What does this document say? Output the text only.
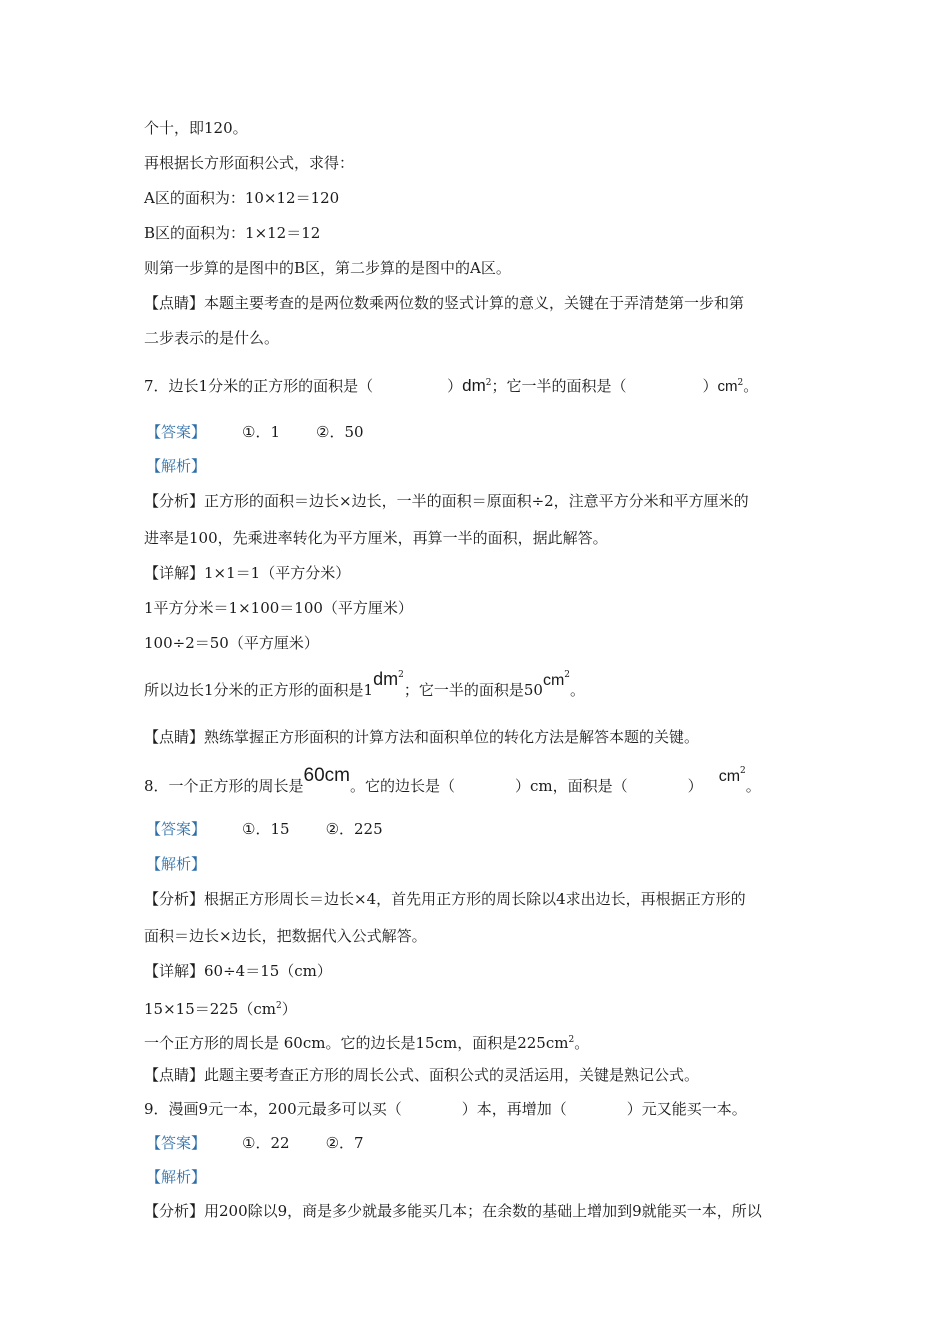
个十，即120。
再根据长方形面积公式，求得：
A区的面积为：10×12＝120
B区的面积为：1×12＝12
则第一步算的是图中的B区，第二步算的是图中的A区。
【点睛】本题主要考查的是两位数乘两位数的竖式计算的意义，关键在于弄清楚第一步和第
二步表示的是什么。
7．边长1分米的正方形的面积是（	）$dm^2$；它一半的面积是（	）$cm^2$。
【答案】 ①．1 ②．50
【解析】
【分析】正方形的面积＝边长×边长，一半的面积＝原面积÷2，注意平方分米和平方厘米的
进率是100，先乘进率转化为平方厘米，再算一半的面积，据此解答。
【详解】1×1＝1（平方分米）
1平方分米＝1×100＝100（平方厘米）
100÷2＝50（平方厘米）
所以边长1分米的正方形的面积是$1dm^2$；它一半的面积是$50cm^2$。
【点睛】熟练掌握正方形面积的计算方法和面积单位的转化方法是解答本题的关键。
8．一个正方形的周长是60cm。它的边长是（	）cm，面积是（	）$cm^2$。
【答案】 ①．15 ②．225
【解析】
【分析】根据正方形周长＝边长×4，首先用正方形的周长除以4求出边长，再根据正方形的
面积＝边长×边长，把数据代入公式解答。
【详解】60÷4＝15（cm）
$15\times 15=225(cm^2)$
一个正方形的周长是 60cm。它的边长是15cm，面积是$225cm^2$。
【点睛】此题主要考查正方形的周长公式、面积公式的灵活运用，关键是熟记公式。
9．漫画9元一本，200元最多可以买（	）本，再增加（	）元又能买一本。
【答案】 ①．22 ②．7
【解析】
【分析】用200除以9，商是多少就最多能买几本；在余数的基础上增加到9就能买一本，所以
